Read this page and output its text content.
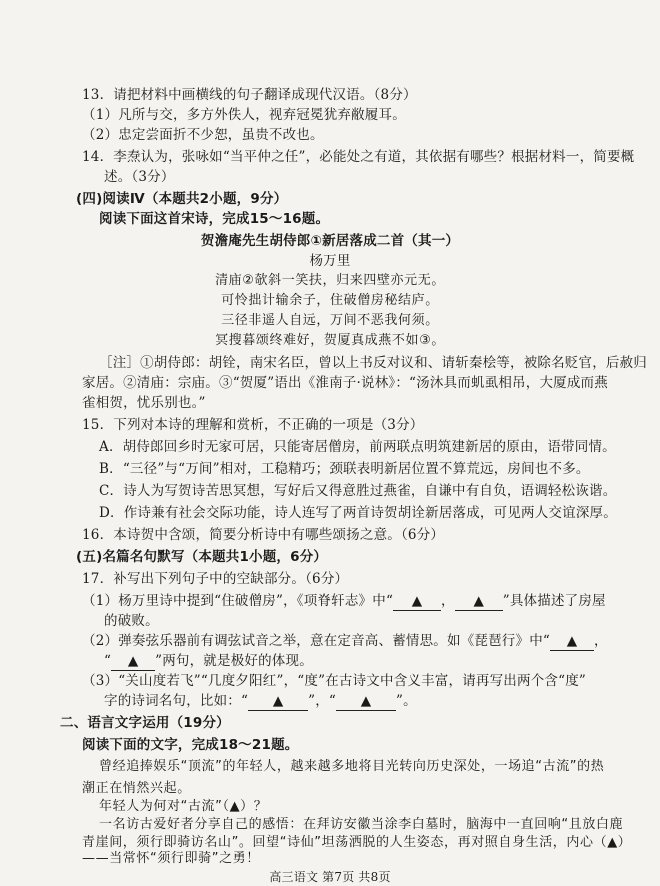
13．请把材料中画横线的句子翻译成现代汉语。（8分）
（1）凡所与交，多方外佚人，视弃冠冕犹弃敝履耳。
（2）忠定尝面折不少恕，虽贵不改也。
14．李焘认为，张咏如“当平仲之任”，必能处之有道，其依据有哪些？根据材料一，简要概
述。（3分）
(四)阅读Ⅳ（本题共2小题，9分）
阅读下面这首宋诗，完成15～16题。
贺澹庵先生胡侍郎①新居落成二首（其一）
杨万里
清庙②欹斜一笑扶，归来四壁亦元无。
可怜拙计输余子，住破僧房秘结庐。
三径非遥人自远，万间不恶我何须。
冥搜暮颂终难好，贺厦真成燕不如③。
［注］①胡侍郎：胡铨，南宋名臣，曾以上书反对议和、请斩秦桧等，被除名贬官，后赦归
家居。②清庙：宗庙。③“贺厦”语出《淮南子·说林》：“汤沐具而虮虱相吊，大厦成而燕
雀相贺，忧乐别也。”
15．下列对本诗的理解和赏析，不正确的一项是（3分）
A．胡侍郎回乡时无家可居，只能寄居僧房，前两联点明筑建新居的原由，语带同情。
B．“三径”与“万间”相对，工稳精巧；颈联表明新居位置不算荒远，房间也不多。
C．诗人为写贺诗苦思冥想，写好后又得意胜过燕雀，自谦中有自负，语调轻松诙谐。
D．作诗兼有社会交际功能，诗人连写了两首诗贺胡诠新居落成，可见两人交谊深厚。
16．本诗贺中含颂，简要分析诗中有哪些颂扬之意。（6分）
(五)名篇名句默写（本题共1小题，6分）
17．补写出下列句子中的空缺部分。（6分）
（1）杨万里诗中提到“住破僧房”，《项脊轩志》中“ ▲ ， ▲ ”具体描述了房屋
的破败。
（2）弹奏弦乐器前有调弦试音之举，意在定音高、蓄情思。如《琵琶行》中“ ▲ ，
“ ▲ ”两句，就是极好的体现。
（3）“关山度若飞”“几度夕阳红”，“度”在古诗文中含义丰富，请再写出两个含“度”
字的诗词名句，比如：“ ▲ ”，“ ▲ ”。
二、语言文字运用（19分）
阅读下面的文字，完成18～21题。
曾经追捧娱乐“顶流”的年轻人，越来越多地将目光转向历史深处，一场追“古流”的热
潮正在悄然兴起。
年轻人为何对“古流”（▲）？
一名访古爱好者分享自己的感悟：在拜访安徽当涂李白墓时，脑海中一直回响“且放白鹿
青崖间，须行即骑访名山”。回望“诗仙”坦荡洒脱的人生姿态，再对照自身生活，内心（▲）
——当常怀“须行即骑”之勇！
高三语文 第7页 共8页
